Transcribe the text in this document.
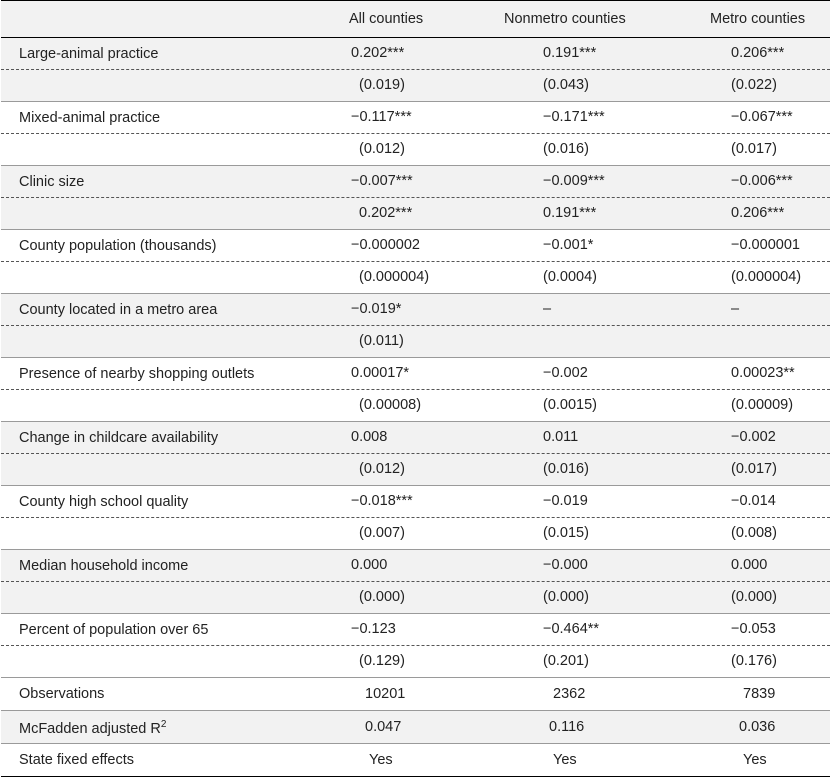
All counties	Nonmetro counties	Metro counties
Large-animal practice	0.202***	0.191***	0.206***
(0.019)	(0.043)	(0.022)
Mixed-animal practice	−0.117***	−0.171***	−0.067***
(0.012)	(0.016)	(0.017)
Clinic size	−0.007***	−0.009***	−0.006***
0.202***	0.191***	0.206***
County population (thousands)	−0.000002	−0.001*	−0.000001
(0.000004)	(0.0004)	(0.000004)
County located in a metro area	−0.019*	–	–
(0.011)
Presence of nearby shopping outlets	0.00017*	−0.002	0.00023**
(0.00008)	(0.0015)	(0.00009)
Change in childcare availability	0.008	0.011	−0.002
(0.012)	(0.016)	(0.017)
County high school quality	−0.018***	−0.019	−0.014
(0.007)	(0.015)	(0.008)
Median household income	0.000	−0.000	0.000
(0.000)	(0.000)	(0.000)
Percent of population over 65	−0.123	−0.464**	−0.053
(0.129)	(0.201)	(0.176)
Observations	10201	2362	7839
McFadden adjusted $R^2$	0.047	0.116	0.036
State fixed effects	Yes	Yes	Yes
